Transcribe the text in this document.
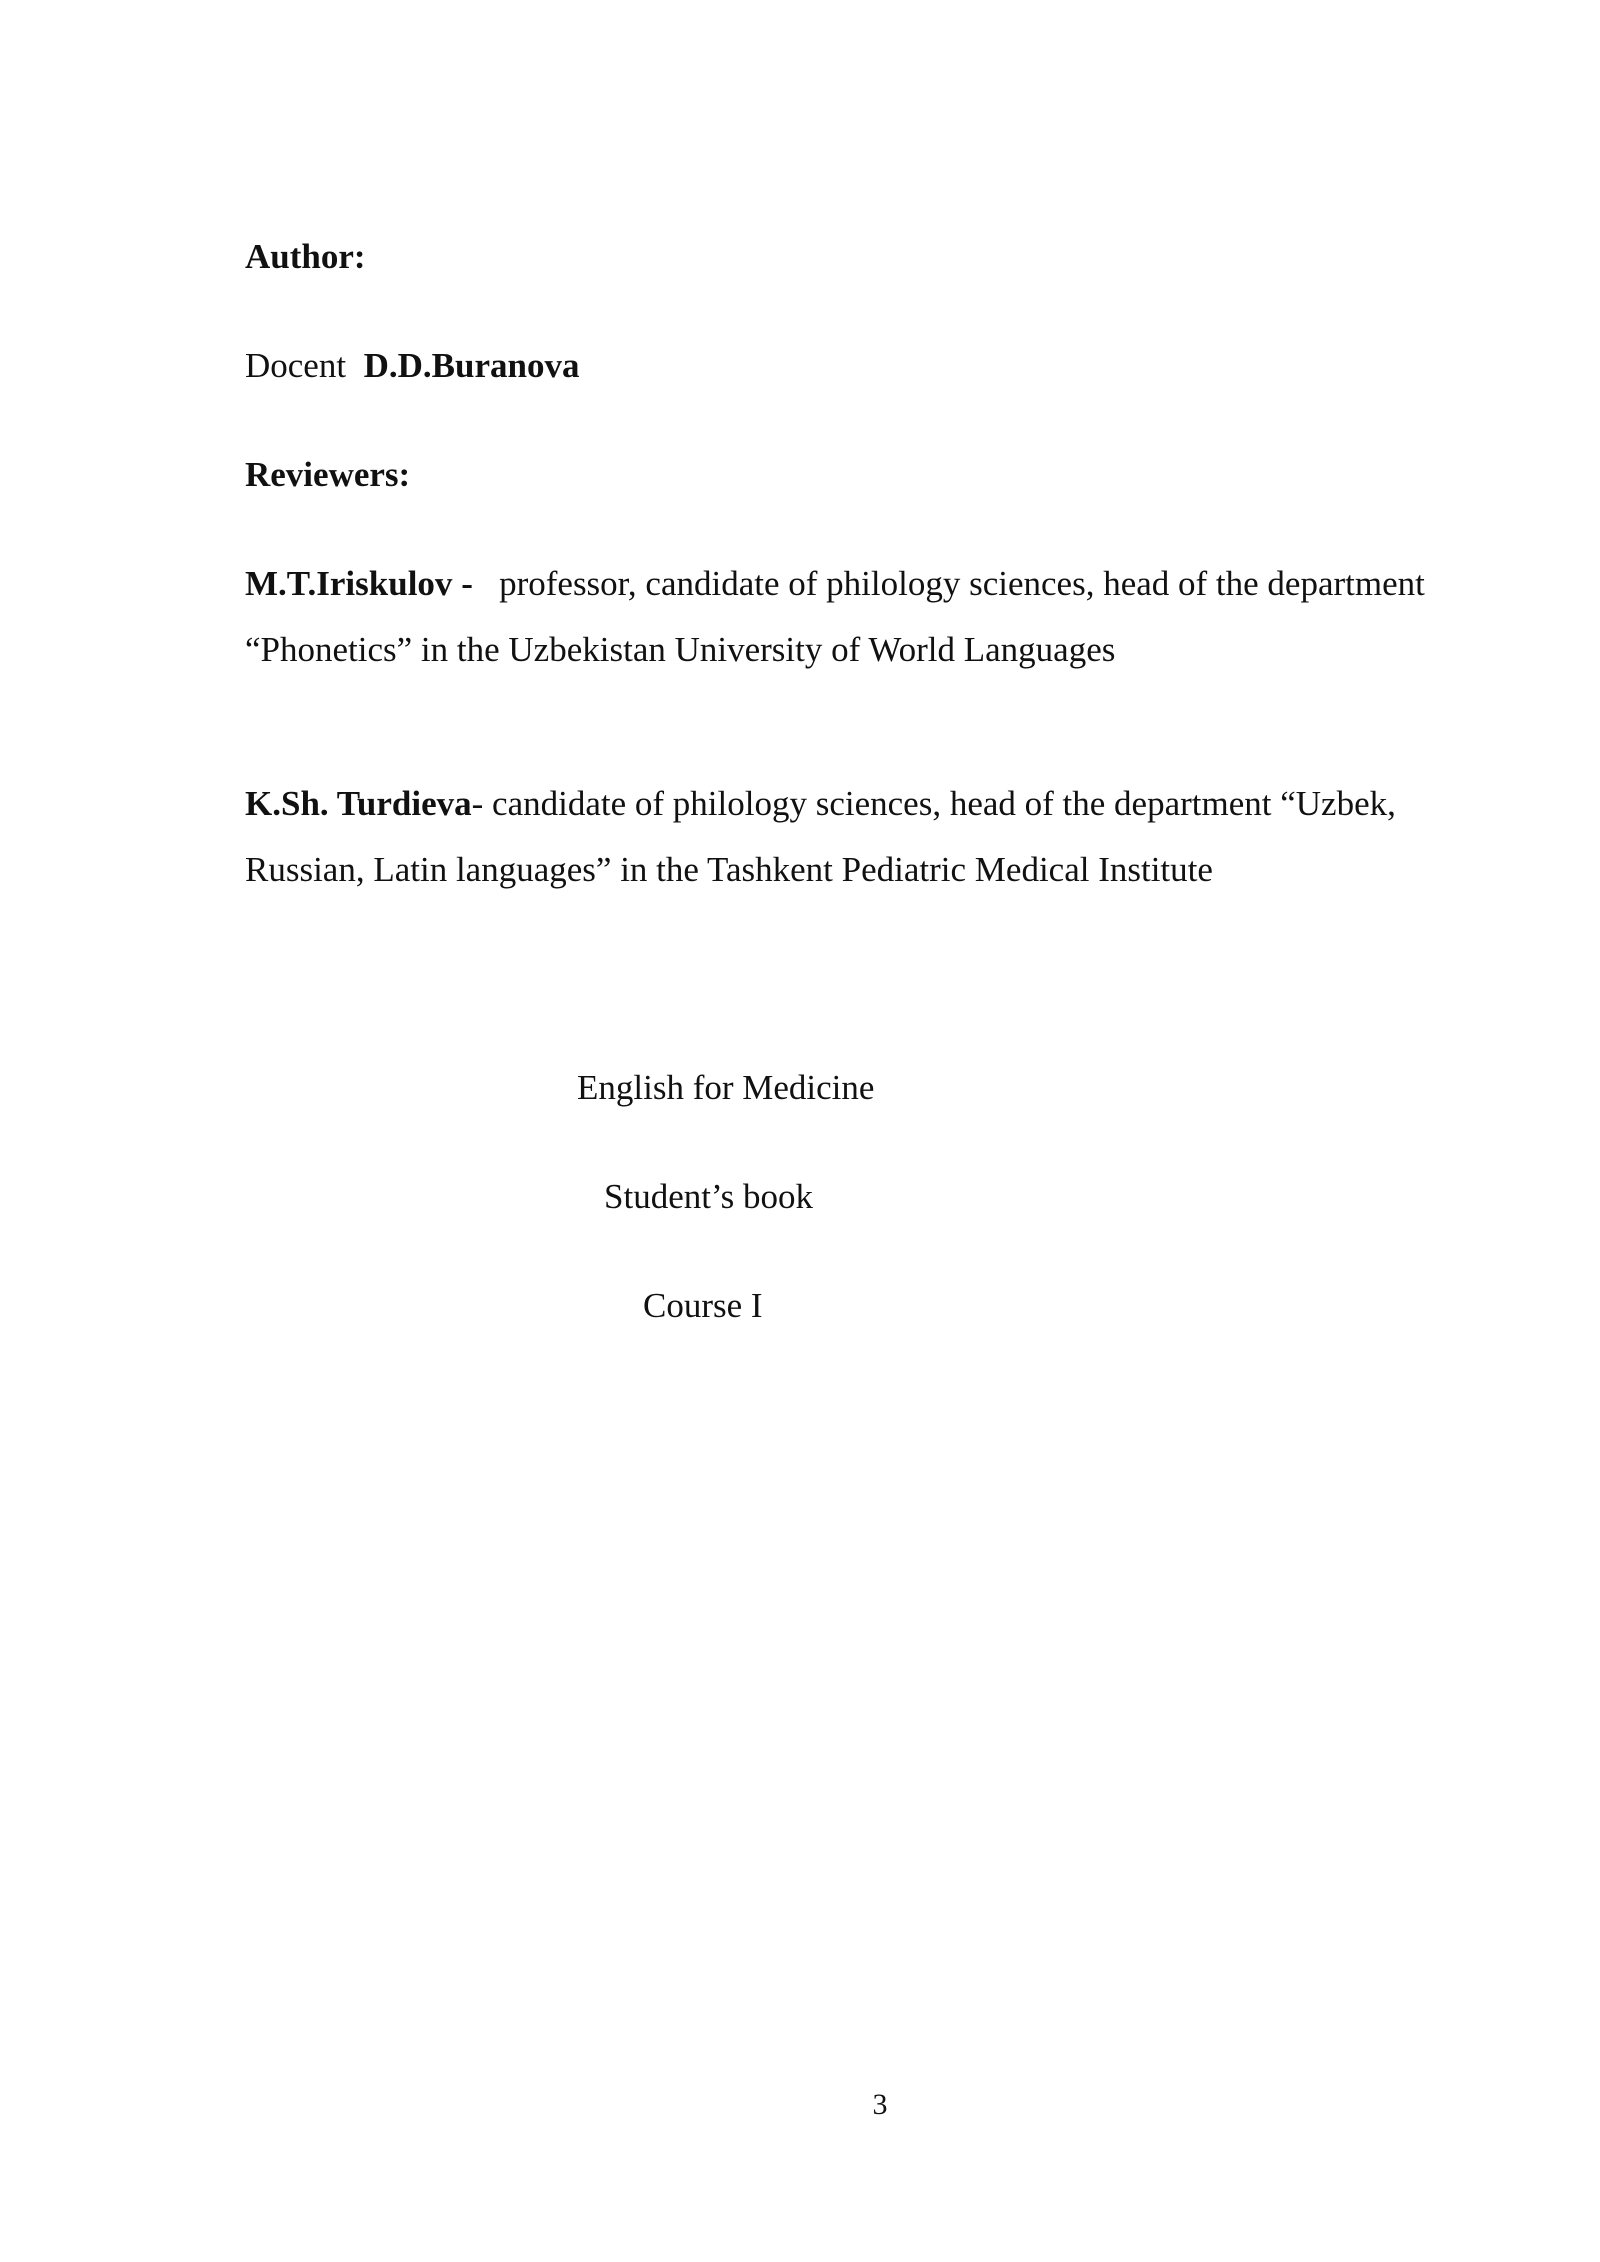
Author:
Docent D.D.Buranova
Reviewers:
M.T.Iriskulov - professor, candidate of philology sciences, head of the department “Phonetics” in the Uzbekistan University of World Languages
K.Sh. Turdieva- candidate of philology sciences, head of the department “Uzbek, Russian, Latin languages” in the Tashkent Pediatric Medical Institute
English for Medicine
Student’s book
Course I
3
